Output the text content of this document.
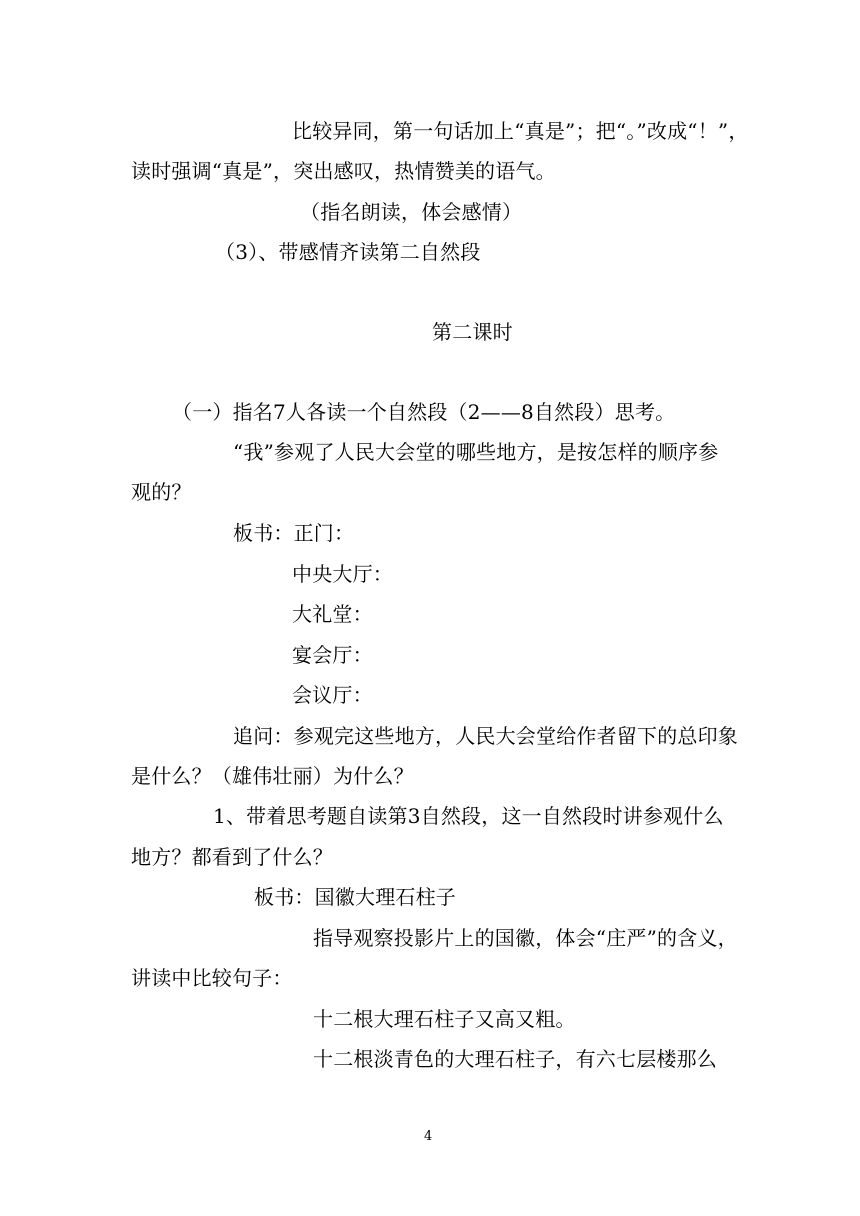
比较异同，第一句话加上“真是”；把“。”改成“！”，
读时强调“真是”，突出感叹，热情赞美的语气。
（指名朗读，体会感情）
（3）、带感情齐读第二自然段
第二课时
（一）指名7人各读一个自然段（2——8自然段）思考。
“我”参观了人民大会堂的哪些地方，是按怎样的顺序参
观的？
板书：正门：
中央大厅：
大礼堂：
宴会厅：
会议厅：
追问：参观完这些地方，人民大会堂给作者留下的总印象
是什么？（雄伟壮丽）为什么？
1、带着思考题自读第3自然段，这一自然段时讲参观什么
地方？都看到了什么？
板书：国徽大理石柱子
指导观察投影片上的国徽，体会“庄严”的含义，
讲读中比较句子：
十二根大理石柱子又高又粗。
十二根淡青色的大理石柱子，有六七层楼那么
4
